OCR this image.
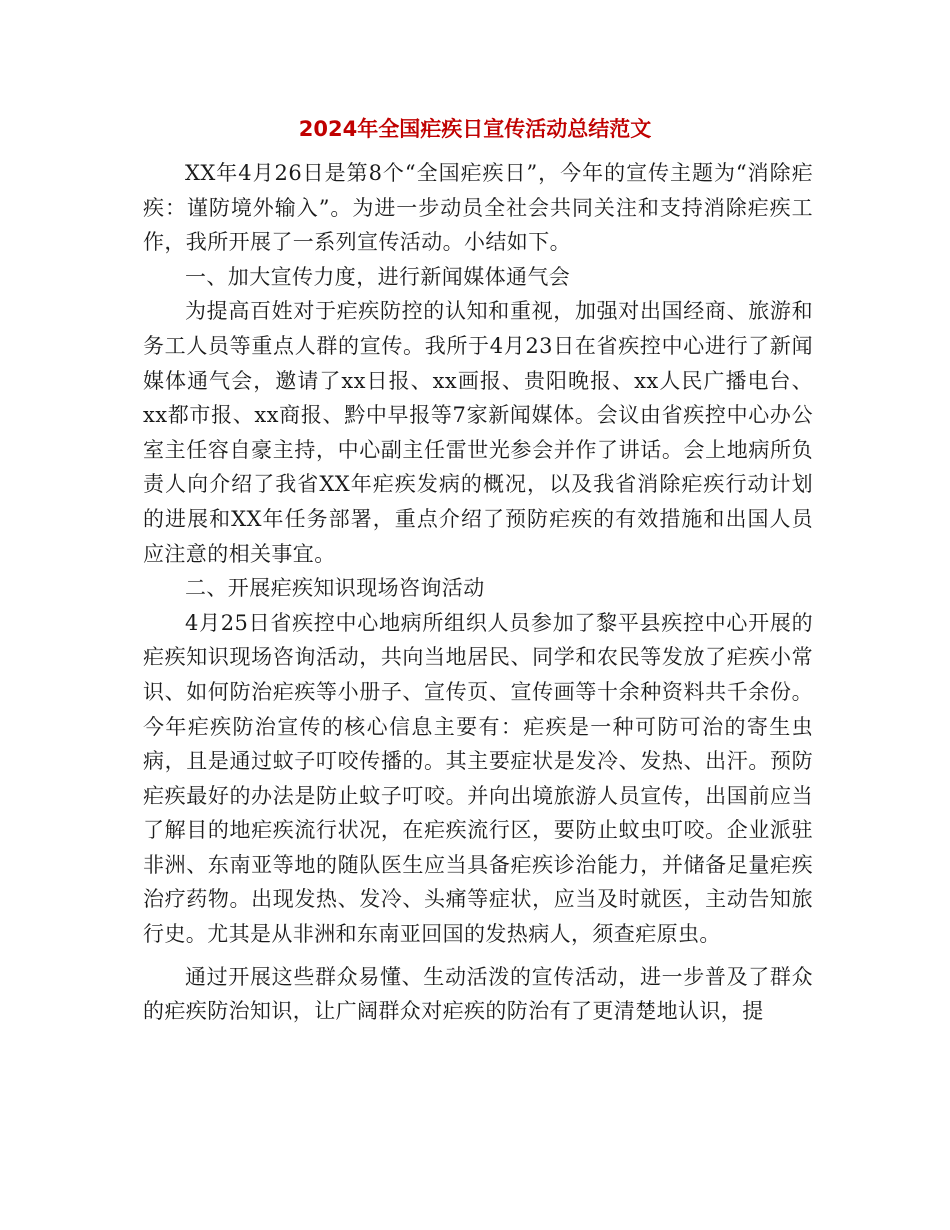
2024年全国疟疾日宣传活动总结范文

XX年4月26日是第8个“全国疟疾日”，今年的宣传主题为“消除疟疾：谨防境外输入”。为进一步动员全社会共同关注和支持消除疟疾工作，我所开展了一系列宣传活动。小结如下。

一、加大宣传力度，进行新闻媒体通气会

为提高百姓对于疟疾防控的认知和重视，加强对出国经商、旅游和务工人员等重点人群的宣传。我所于4月23日在省疾控中心进行了新闻媒体通气会，邀请了xx日报、xx画报、贵阳晚报、xx人民广播电台、xx都市报、xx商报、黔中早报等7家新闻媒体。会议由省疾控中心办公室主任容自豪主持，中心副主任雷世光参会并作了讲话。会上地病所负责人向介绍了我省XX年疟疾发病的概况，以及我省消除疟疾行动计划的进展和XX年任务部署，重点介绍了预防疟疾的有效措施和出国人员应注意的相关事宜。

二、开展疟疾知识现场咨询活动

4月25日省疾控中心地病所组织人员参加了黎平县疾控中心开展的疟疾知识现场咨询活动，共向当地居民、同学和农民等发放了疟疾小常识、如何防治疟疾等小册子、宣传页、宣传画等十余种资料共千余份。今年疟疾防治宣传的核心信息主要有：疟疾是一种可防可治的寄生虫病，且是通过蚊子叮咬传播的。其主要症状是发冷、发热、出汗。预防疟疾最好的办法是防止蚊子叮咬。并向出境旅游人员宣传，出国前应当了解目的地疟疾流行状况，在疟疾流行区，要防止蚊虫叮咬。企业派驻非洲、东南亚等地的随队医生应当具备疟疾诊治能力，并储备足量疟疾治疗药物。出现发热、发冷、头痛等症状，应当及时就医，主动告知旅行史。尤其是从非洲和东南亚回国的发热病人，须查疟原虫。

通过开展这些群众易懂、生动活泼的宣传活动，进一步普及了群众的疟疾防治知识，让广阔群众对疟疾的防治有了更清楚地认识，提
